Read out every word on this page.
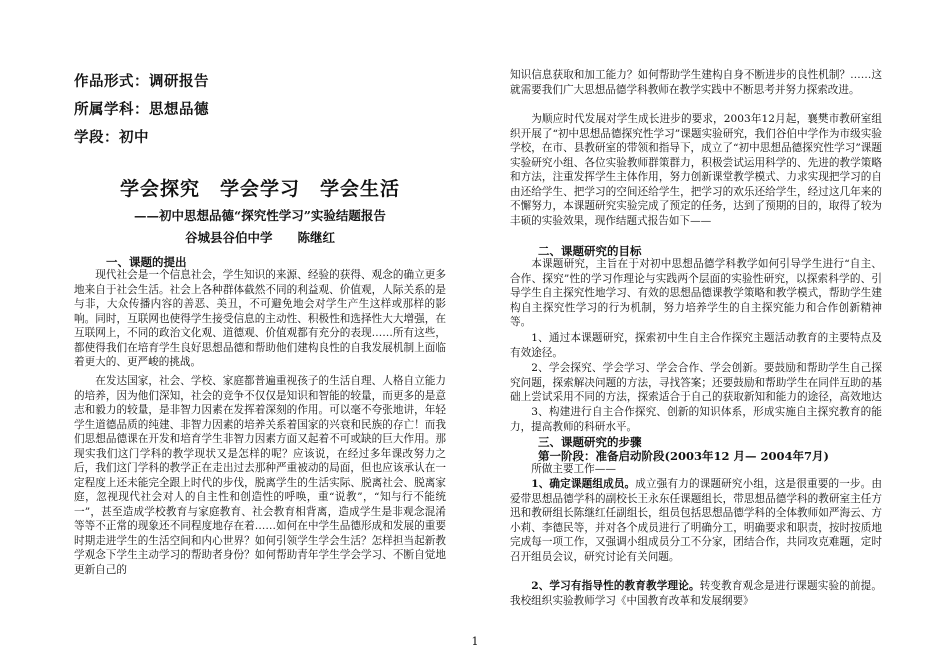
作品形式：调研报告
所属学科：思想品德
学段：初中
学会探究　学会学习　学会生活
——初中思想品德“探究性学习”实验结题报告
谷城县谷伯中学　　陈继红
一、课题的提出
现代社会是一个信息社会，学生知识的来源、经验的获得、观念的确立更多地来自于社会生活。社会上各种群体截然不同的利益观、价值观，人际关系的是与非，大众传播内容的善恶、美丑，不可避免地会对学生产生这样或那样的影响。同时，互联网也使得学生接受信息的主动性、积极性和选择性大大增强，在互联网上，不同的政治文化观、道德观、价值观都有充分的表现……所有这些，都使得我们在培育学生良好思想品德和帮助他们建构良性的自我发展机制上面临着更大的、更严峻的挑战。
在发达国家，社会、学校、家庭都普遍重视孩子的生活自理、人格自立能力的培养，因为他们深知，社会的竞争不仅仅是知识和智能的较量，而更多的是意志和毅力的较量，是非智力因素在发挥着深刻的作用。可以毫不夸张地讲，年轻学生道德品质的纯建、非智力因素的培养关系着国家的兴衰和民族的存亡！而我们思想品德课在开发和培育学生非智力因素方面又起着不可或缺的巨大作用。那现实我们这门学科的教学现状又是怎样的呢？应该说，在经过多年课改努力之后，我们这门学科的教学正在走出过去那种严重被动的局面，但也应该承认在一定程度上还未能完全跟上时代的步伐，脱离学生的生活实际、脱离社会、脱离家庭，忽视现代社会对人的自主性和创造性的呼唤，重“说教”，“知与行不能统一”，甚至造成学校教育与家庭教育、社会教育相背离，造成学生是非观念混淆等等不正常的现象还不同程度地存在着……如何在中学生品德形成和发展的重要时期走进学生的生活空间和内心世界？如何引领学生学会生活？怎样担当起新教学观念下学生主动学习的帮助者身份？如何帮助青年学生学会学习、不断自觉地更新自己的
知识信息获取和加工能力？如何帮助学生建构自身不断进步的良性机制？……这就需要我们广大思想品德学科教师在教学实践中不断思考并努力探索改进。
为顺应时代发展对学生成长进步的要求，2003年12月起，襄樊市教研室组织开展了“初中思想品德探究性学习”课题实验研究，我们谷伯中学作为市级实验学校，在市、县教研室的带领和指导下，成立了“初中思想品德探究性学习”课题实验研究小组、各位实验教师群策群力，积极尝试运用科学的、先进的教学策略和方法，注重发挥学生主体作用，努力创新课堂教学模式、力求实现把学习的自由还给学生、把学习的空间还给学生，把学习的欢乐还给学生，经过这几年来的不懈努力，本课题研究实验完成了预定的任务，达到了预期的目的，取得了较为丰硕的实验效果，现作结题式报告如下——
二、课题研究的目标
本课题研究，主旨在于对初中思想品德学科教学如何引导学生进行“自主、合作、探究”性的学习作理论与实践两个层面的实验性研究，以探索科学的、引导学生自主探究性地学习、有效的思想品德课教学策略和教学模式，帮助学生建构自主探究性学习的行为机制，努力培养学生的自主探究能力和合作创新精神等。
1、通过本课题研究，探索初中生自主合作探究主题活动教育的主要特点及有效途径。
2、学会探究、学会学习、学会合作、学会创新。要鼓励和帮助学生自己探究问题，探索解决问题的方法，寻找答案；还要鼓励和帮助学生在同伴互助的基础上尝试采用不同的方法，探索适合于自己的获取新知和能力的途径，高效地达
3、构建进行自主合作探究、创新的知识体系，形成实施自主探究教育的能力，提高教师的科研水平。
三、课题研究的步骤
第一阶段：准备启动阶段(2003年12 月— 2004年7月)
所做主要工作——
1、确定课题组成员。成立强有力的课题研究小组，这是很重要的一步。由爱带思想品德学科的副校长王永东任课题组长，带思想品德学科的教研室主任方迅和教研组长陈继红任副组长，组员包括思想品德学科的全体教师如严海云、方小莉、李德民等，并对各个成员进行了明确分工，明确要求和职责，按时按质地完成每一项工作，又强调小组成员分工不分家，团结合作，共同攻克难题，定时召开组员会议，研究讨论有关问题。
2、学习有指导性的教育教学理论。转变教育观念是进行课题实验的前提。我校组织实验教师学习《中国教育改革和发展纲要》
1
